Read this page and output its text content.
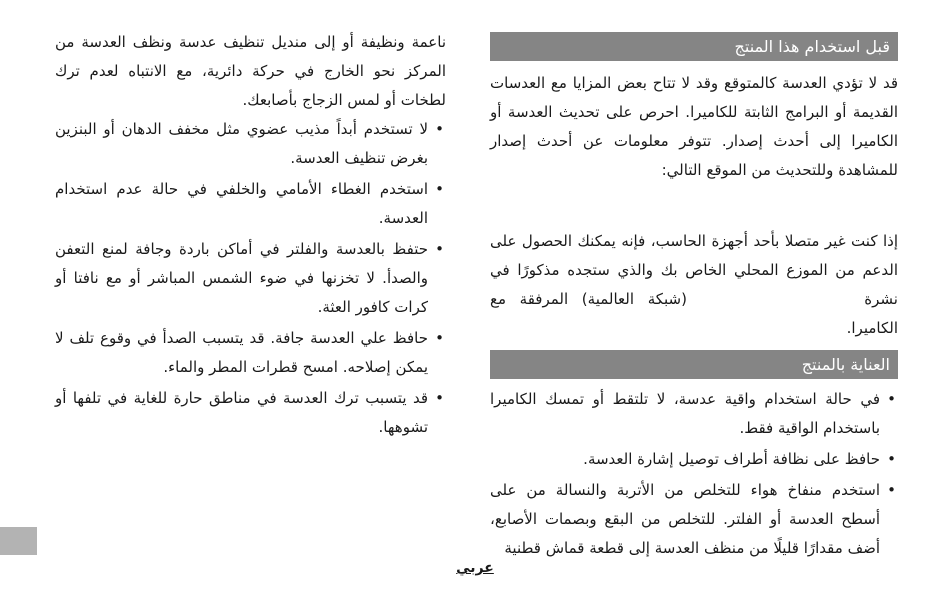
قبل استخدام هذا المنتج

قد لا تؤدي العدسة كالمتوقع وقد لا تتاح بعض المزايا مع العدسات القديمة أو البرامج الثابتة للكاميرا. احرص على تحديث العدسة أو الكاميرا إلى أحدث إصدار. تتوفر معلومات عن أحدث إصدار للمشاهدة وللتحديث من الموقع التالي:

إذا كنت غير متصلا بأحد أجهزة الحاسب، فإنه يمكنك الحصول على الدعم من الموزع المحلي الخاص بك والذي ستجده مذكورًا في نشرة  (شبكة العالمية) المرفقة مع الكاميرا.

العناية بالمنتج
•
في حالة استخدام واقية عدسة، لا تلتقط أو تمسك الكاميرا باستخدام الواقية فقط.
•
حافظ على نظافة أطراف توصيل إشارة العدسة.
•
استخدم منفاخ هواء للتخلص من الأتربة والنسالة من على أسطح العدسة أو الفلتر. للتخلص من البقع وبصمات الأصابع، أضف مقدارًا قليلًا من منظف العدسة إلى قطعة قماش قطنية

ناعمة ونظيفة أو إلى منديل تنظيف عدسة ونظف العدسة من المركز نحو الخارج في حركة دائرية، مع الانتباه لعدم ترك لطخات أو لمس الزجاج بأصابعك.

•
لا تستخدم أبداً مذيب عضوي مثل مخفف الدهان أو البنزين بغرض تنظيف العدسة.
•
استخدم الغطاء الأمامي والخلفي في حالة عدم استخدام العدسة.
•
حتفظ بالعدسة والفلتر في أماكن باردة وجافة لمنع التعفن والصدأ. لا تخزنها في ضوء الشمس المباشر أو مع نافتا أو كرات كافور العثة.
•
حافظ علي العدسة جافة. قد يتسبب الصدأ في وقوع تلف لا يمكن إصلاحه. امسح قطرات المطر والماء.
•
قد يتسبب ترك العدسة في مناطق حارة للغاية في تلفها أو تشوهها.
عربي
